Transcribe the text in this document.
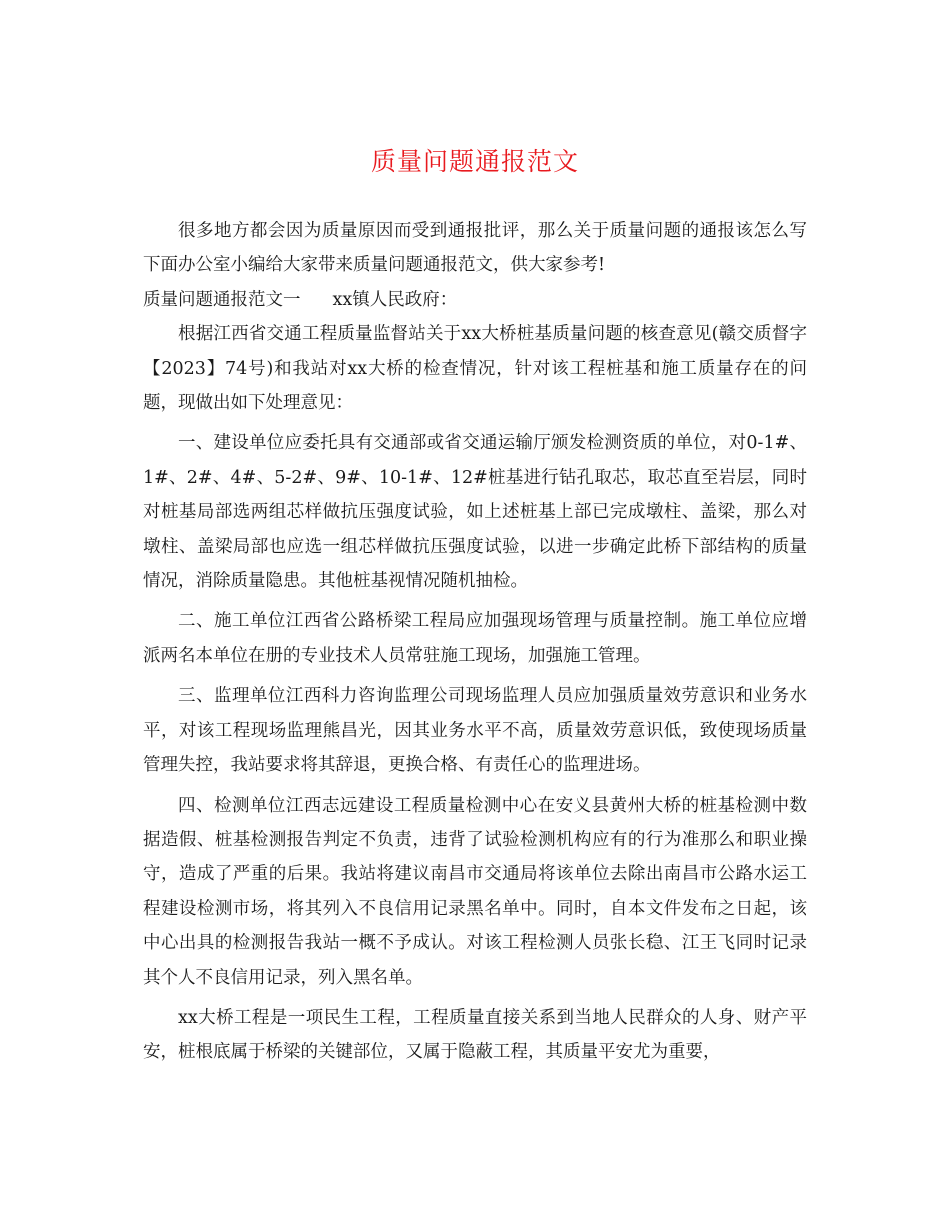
质量问题通报范文

很多地方都会因为质量原因而受到通报批评，那么关于质量问题的通报该怎么写下面办公室小编给大家带来质量问题通报范文，供大家参考!

质量问题通报范文一 xx镇人民政府：

根据江西省交通工程质量监督站关于xx大桥桩基质量问题的核查意见(赣交质督字【2023】74号)和我站对xx大桥的检查情况，针对该工程桩基和施工质量存在的问题，现做出如下处理意见：

一、建设单位应委托具有交通部或省交通运输厅颁发检测资质的单位，对0-1#、1#、2#、4#、5-2#、9#、10-1#、12#桩基进行钻孔取芯，取芯直至岩层，同时对桩基局部选两组芯样做抗压强度试验，如上述桩基上部已完成墩柱、盖梁，那么对墩柱、盖梁局部也应选一组芯样做抗压强度试验，以进一步确定此桥下部结构的质量情况，消除质量隐患。其他桩基视情况随机抽检。

二、施工单位江西省公路桥梁工程局应加强现场管理与质量控制。施工单位应增派两名本单位在册的专业技术人员常驻施工现场，加强施工管理。

三、监理单位江西科力咨询监理公司现场监理人员应加强质量效劳意识和业务水平，对该工程现场监理熊昌光，因其业务水平不高，质量效劳意识低，致使现场质量管理失控，我站要求将其辞退，更换合格、有责任心的监理进场。

四、检测单位江西志远建设工程质量检测中心在安义县黄州大桥的桩基检测中数据造假、桩基检测报告判定不负责，违背了试验检测机构应有的行为准那么和职业操守，造成了严重的后果。我站将建议南昌市交通局将该单位去除出南昌市公路水运工程建设检测市场，将其列入不良信用记录黑名单中。同时，自本文件发布之日起，该中心出具的检测报告我站一概不予成认。对该工程检测人员张长稳、江王飞同时记录其个人不良信用记录，列入黑名单。

xx大桥工程是一项民生工程，工程质量直接关系到当地人民群众的人身、财产平安，桩根底属于桥梁的关键部位，又属于隐蔽工程，其质量平安尤为重要，
